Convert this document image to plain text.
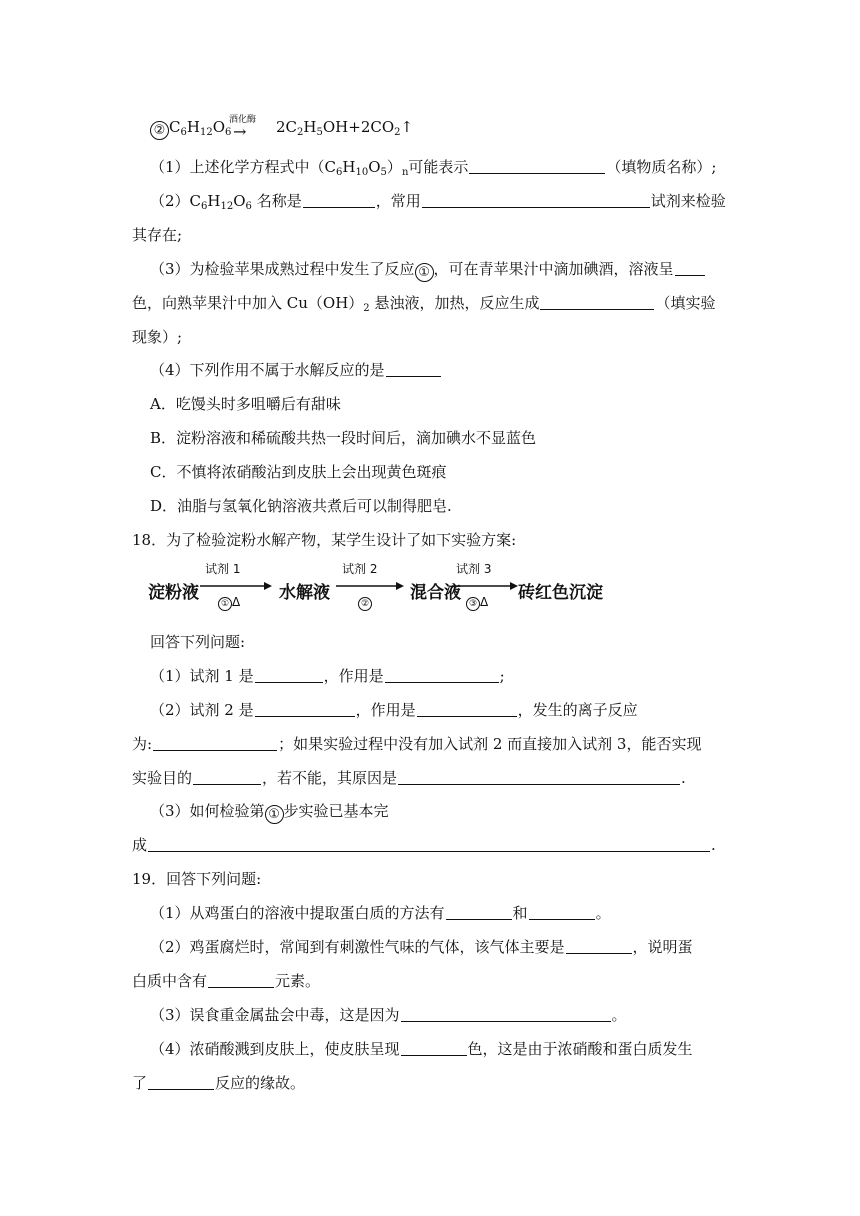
② $C_6H_{12}O_6$
酒化酶
→ $2C_2H_5OH+2CO_2↑$
（1）上述化学方程式中$(C_6H_{10}O_5)_n$可能表示	（填物质名称）;
$(2)C_6H_{12}O_6$ 名称是	，常用	试剂来检验
其存在;
（3）为检验苹果成熟过程中发生了反应 ① ，可在青苹果汁中滴加碘酒，溶液呈
色，向熟苹果汁中加入 $Cu(OH)_2$ 悬浊液，加热，反应生成	（填实验
现象）;
（4）下列作用不属于水解反应的是
A．吃馒头时多咀嚼后有甜味
B．淀粉溶液和稀硫酸共热一段时间后，滴加碘水不显蓝色
C．不慎将浓硝酸沾到皮肤上会出现黄色斑痕
D．油脂与氢氧化钠溶液共煮后可以制得肥皂.
18．为了检验淀粉水解产物，某学生设计了如下实验方案:
淀粉液
试剂 1
① Δ 水解液
试剂 2
②
混合液
试剂 3
③ Δ 砖红色沉淀
回答下列问题:
（1）试剂 1 是	，作用是	;
（2）试剂 2 是	，作用是	，发生的离子反应
为:	；如果实验过程中没有加入试剂 2 而直接加入试剂 3，能否实现
实验目的	，若不能，其原因是	.
（3）如何检验第 ① 步实验已基本完
成	.
19．回答下列问题:
（1）从鸡蛋白的溶液中提取蛋白质的方法有	和	。
（2）鸡蛋腐烂时，常闻到有刺激性气味的气体，该气体主要是	，说明蛋
白质中含有	元素。
（3）误食重金属盐会中毒，这是因为	。
（4）浓硝酸溅到皮肤上，使皮肤呈现	色，这是由于浓硝酸和蛋白质发生
了	反应的缘故。
